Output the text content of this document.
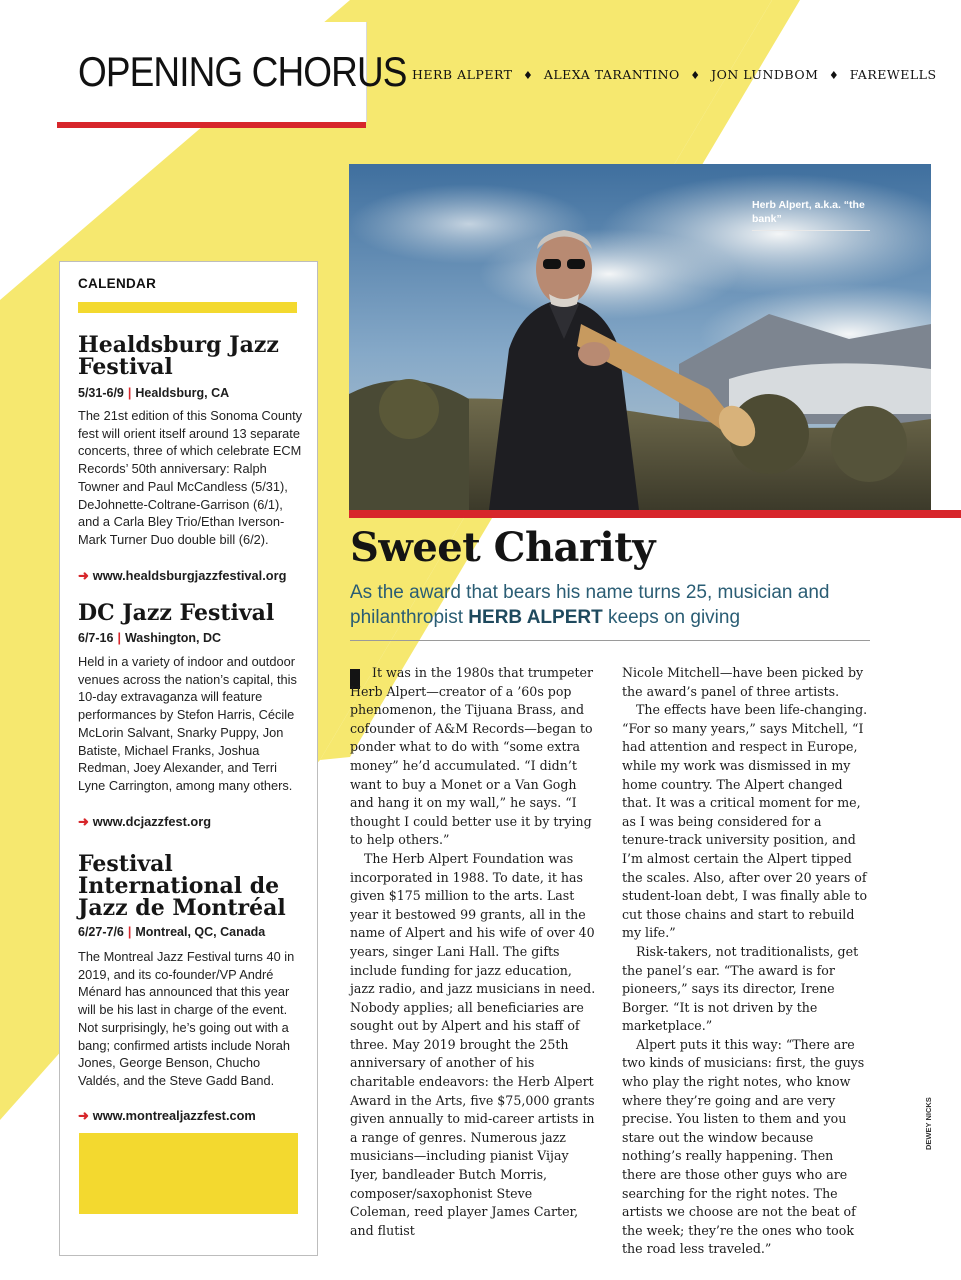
OPENING CHORUS HERB ALPERT ♦ ALEXA TARANTINO ♦ JON LUNDBOM ♦ FAREWELLS
CALENDAR
Healdsburg Jazz Festival
5/31-6/9 | Healdsburg, CA
The 21st edition of this Sonoma County fest will orient itself around 13 separate concerts, three of which celebrate ECM Records’ 50th anniversary: Ralph Towner and Paul McCandless (5/31), DeJohnette-Coltrane-Garrison (6/1), and a Carla Bley Trio/Ethan Iverson-Mark Turner Duo double bill (6/2).
➜ www.healdsburgjazzfestival.org
DC Jazz Festival
6/7-16 | Washington, DC
Held in a variety of indoor and outdoor venues across the nation’s capital, this 10-day extravaganza will feature performances by Stefon Harris, Cécile McLorin Salvant, Snarky Puppy, Jon Batiste, Michael Franks, Joshua Redman, Joey Alexander, and Terri Lyne Carrington, among many others.
➜ www.dcjazzfest.org
Festival International de Jazz de Montréal
6/27-7/6 | Montreal, QC, Canada
The Montreal Jazz Festival turns 40 in 2019, and its co-founder/VP André Ménard has announced that this year will be his last in charge of the event. Not surprisingly, he’s going out with a bang; confirmed artists include Norah Jones, George Benson, Chucho Valdés, and the Steve Gadd Band.
➜ www.montrealjazzfest.com
Herb Alpert, a.k.a. “the bank”
Sweet Charity
As the award that bears his name turns 25, musician and philanthropist HERB ALPERT keeps on giving

It was in the 1980s that trumpeter Herb Alpert—creator of a ’60s pop phenomenon, the Tijuana Brass, and cofounder of A&M Records—began to ponder what to do with “some extra money” he’d accumulated. “I didn’t want to buy a Monet or a Van Gogh and hang it on my wall,” he says. “I thought I could better use it by trying to help others.”

The Herb Alpert Foundation was incorporated in 1988. To date, it has given $175 million to the arts. Last year it bestowed 99 grants, all in the name of Alpert and his wife of over 40 years, singer Lani Hall. The gifts include funding for jazz education, jazz radio, and jazz musicians in need. Nobody applies; all beneficiaries are sought out by Alpert and his staff of three. May 2019 brought the 25th anniversary of another of his charitable endeavors: the Herb Alpert Award in the Arts, five $75,000 grants given annually to mid-career artists in a range of genres. Numerous jazz musicians—including pianist Vijay Iyer, bandleader Butch Morris, composer/saxophonist Steve Coleman, reed player James Carter, and flutist

Nicole Mitchell—have been picked by the award’s panel of three artists.

The effects have been life-changing. “For so many years,” says Mitchell, “I had attention and respect in Europe, while my work was dismissed in my home country. The Alpert changed that. It was a critical moment for me, as I was being considered for a tenure-track university position, and I’m almost certain the Alpert tipped the scales. Also, after over 20 years of student-loan debt, I was finally able to cut those chains and start to rebuild my life.”

Risk-takers, not traditionalists, get the panel’s ear. “The award is for pioneers,” says its director, Irene Borger. “It is not driven by the marketplace.”

Alpert puts it this way: “There are two kinds of musicians: first, the guys who play the right notes, who know where they’re going and are very precise. You listen to them and you stare out the window because nothing’s really happening. Then there are those other guys who are searching for the right notes. The artists we choose are not the beat of the week; they’re the ones who took the road less traveled.”

DEWEY NICKS
